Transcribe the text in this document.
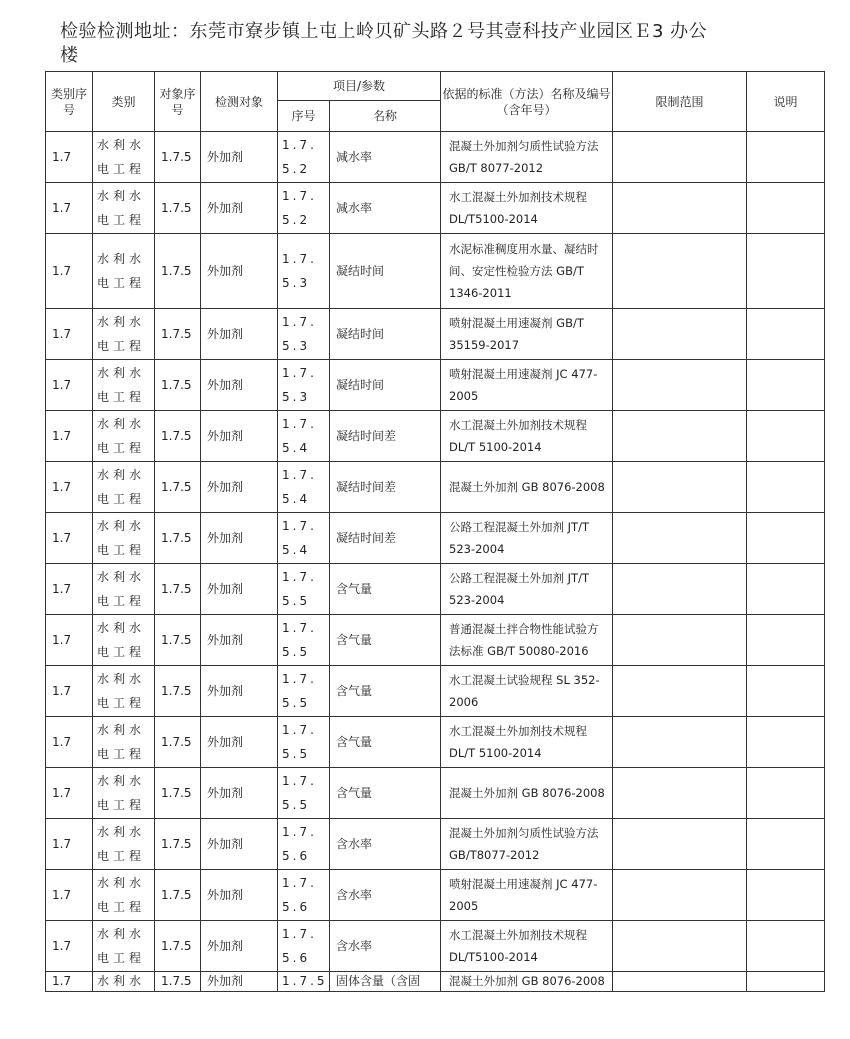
检验检测地址：东莞市寮步镇上屯上岭贝矿头路２号其壹科技产业园区Ｅ3 办公
楼
类别序号	类别	对象序号	检测对象	项目/参数		依据的标准（方法）名称及编号（含年号）	限制范围	说明
				序号	名称			
1.7	水利水电工程	1.7.5	外加剂	1.7.5.2	减水率	混凝土外加剂匀质性试验方法 GB/T 8077-2012		
1.7	水利水电工程	1.7.5	外加剂	1.7.5.2	减水率	水工混凝土外加剂技术规程 DL/T5100-2014		
1.7	水利水电工程	1.7.5	外加剂	1.7.5.3	凝结时间	水泥标准稠度用水量、凝结时间、安定性检验方法 GB/T 1346-2011		
1.7	水利水电工程	1.7.5	外加剂	1.7.5.3	凝结时间	喷射混凝土用速凝剂 GB/T 35159-2017		
1.7	水利水电工程	1.7.5	外加剂	1.7.5.3	凝结时间	喷射混凝土用速凝剂 JC 477-2005		
1.7	水利水电工程	1.7.5	外加剂	1.7.5.4	凝结时间差	水工混凝土外加剂技术规程 DL/T 5100-2014		
1.7	水利水电工程	1.7.5	外加剂	1.7.5.4	凝结时间差	混凝土外加剂 GB 8076-2008		
1.7	水利水电工程	1.7.5	外加剂	1.7.5.4	凝结时间差	公路工程混凝土外加剂 JT/T 523-2004		
1.7	水利水电工程	1.7.5	外加剂	1.7.5.5	含气量	公路工程混凝土外加剂 JT/T 523-2004		
1.7	水利水电工程	1.7.5	外加剂	1.7.5.5	含气量	普通混凝土拌合物性能试验方法标准 GB/T 50080-2016		
1.7	水利水电工程	1.7.5	外加剂	1.7.5.5	含气量	水工混凝土试验规程 SL 352-2006		
1.7	水利水电工程	1.7.5	外加剂	1.7.5.5	含气量	水工混凝土外加剂技术规程 DL/T 5100-2014		
1.7	水利水电工程	1.7.5	外加剂	1.7.5.5	含气量	混凝土外加剂 GB 8076-2008		
1.7	水利水电工程	1.7.5	外加剂	1.7.5.6	含水率	混凝土外加剂匀质性试验方法 GB/T8077-2012		
1.7	水利水电工程	1.7.5	外加剂	1.7.5.6	含水率	喷射混凝土用速凝剂 JC 477-2005		
1.7	水利水电工程	1.7.5	外加剂	1.7.5.6	含水率	水工混凝土外加剂技术规程 DL/T5100-2014		
1.7	水利水	1.7.5	外加剂	1.7.5	固体含量（含固	混凝土外加剂 GB 8076-2008		
